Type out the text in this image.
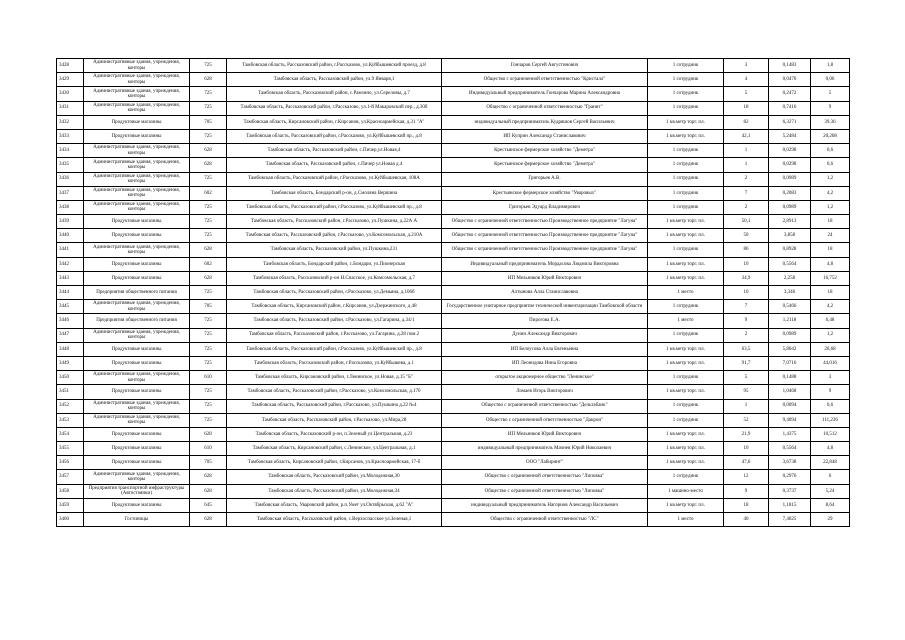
3428	Административные здания, учреждения, конторы	725	Тамбовская область, Рассказовский район, г.Рассказово, ул.Куйбышевский проезд, д.8	Гончаров Сергей Августинович	1 сотрудник	3	0,1483	1,8
3429	Административные здания, учреждения, конторы	628	Тамбовская область, Рассказовский район, ул.9 Января,1	Общество с ограниченной ответственностью "Кристалл"	1 сотрудник	4	0,0470	0,06
3430	Административные здания, учреждения, конторы	725	Тамбовская область, Рассказовский район, с.Рамзино, ул.Сереловы, д.7	Индивидуальный предприниматель Гончарова Марина Александровна	1 сотрудник	5	0,2472	5
3431	Административные здания, учреждения, конторы	725	Тамбовская область, Рассказовский район, г.Рассказово, ул.1-й Макаровский пер., д.30б	Общество с ограниченной ответственностью "Гранит"	1 сотрудник	18	0,7416	9
3432	Продуктовые магазины	705	Тамбовская область, Кирсановский район, г.Кирсанов, ул.Красноармейская, д.31 "А"	индивидуальный предприниматель Кудряшов Сергей Васильевич	1 кв.метр торг. пл.	82	6,3271	39,36
3433	Продуктовые магазины	725	Тамбовская область, Рассказовский район, г.Рассказово, ул.Куйбышевский пр., д.8	ИП Куприн Александр Станиславович	1 кв.метр торг. пл.	42,1	5,2484	20,208
3434	Административные здания, учреждения, конторы	628	Тамбовская область, Рассказовский район, с.Пичер,ул.Новая,4	Крестьянское фермерское хозяйство "Деметра"	1 сотрудник	1	0,0298	0,6
3435	Административные здания, учреждения, конторы	628	Тамбовская область, Рассказовский район, с.Пичер ул.Новая д.4	Крестьянское фермерское хозяйство "Деметра"	1 сотрудник	1	0,0298	0,6
3436	Административные здания, учреждения, конторы	725	Тамбовская область, Рассказовский район, г.Рассказово, ул.Куйбышевская, 108А	Григорьев А.В.	1 сотрудник	2	0,0989	1,2
3437	Административные здания, учреждения, конторы	602	Тамбовская область, Бондарский р-он, д.Смоляна Вершина	Крестьянское фермерское хозяйство "Уваровых"	1 сотрудник	7	0,2083	4,2
3438	Административные здания, учреждения, конторы	725	Тамбовская область, Рассказовский район, г.Рассказово, ул.Куйбышевский пр., д.8	Григорьев Эдуард Владимирович	1 сотрудник	2	0,0989	1,2
3439	Продуктовые магазины	725	Тамбовская область, Рассказовский район, г.Рассказово, ул.Пушкина, д.22А А	Общество с ограниченной ответственностью Производственное предприятие "Лагуна"	1 кв.метр торг. пл.	50,1	2,8913	18
3440	Продуктовые магазины	725	Тамбовская область, Рассказовский район, г.Рассказово, ул.Комсомольская, д.210А	Общество с ограниченной ответственностью Производственное предприятие "Лагуна"	1 кв.метр торг. пл.	50	3,858	24
3441	Административные здания, учреждения, конторы	628	Тамбовская область, Рассказовский район, ул.Пушкина,231	Общество с ограниченной ответственностью Производственное предприятие "Лагуна"	1 сотрудник	86	0,8928	18
3442	Продуктовые магазины	602	Тамбовская область, Бондарский район, с.Бондари, ул.Пионерская	Индивидуальный предприниматель Мордасова Людмила Викторовна	1 кв.метр торг. пл.	10	0,5564	4,8
3443	Продуктовые магазины	628	Тамбовская область, Рассказовский р-он Н.Спасское, ул.Комсомольская, д.7	ИП Мельников Юрий Викторович	1 кв.метр торг. пл.	34,9	2,258	16,752
3444	Предприятия общественного питания	725	Тамбовская область, Рассказовский район, г.Рассказово, ул.Демьяна, д.106б	Алтынова Алла Станиславовна	1 место	10	3,346	18
3445	Административные здания, учреждения, конторы	705	Тамбовская область, Кирсановский район, г.Кирсанов, ул.Дзержинского, д.48	Государственное унитарное предприятие технической инвентаризации Тамбовской области	1 сотрудник	7	0,5466	4,2
3446	Предприятия общественного питания	725	Тамбовская область, Рассказовский район, г.Рассказово, ул.Гагарина, д.34/1	Пирогова Е.А.	1 место	9	1,2118	6,48
3447	Административные здания, учреждения, конторы	725	Тамбовская область, Рассказовский район, г.Рассказово, ул.Гагарина, д.28 пом.2	Дунин Александр Викторович	1 сотрудник	2	0,0989	1,2
3448	Продуктовые магазины	725	Тамбовская область, Рассказовский район, г.Рассказово, ул.Куйбышевский пр., д.8	ИП Белоусова Алла Евгеньевна	1 кв.метр торг. пл.	63,5	5,8642	26,68
3449	Продуктовые магазины	725	Тамбовская область, Рассказовский район, г.Рассказово, ул.Куйбышева, д.1	ИП Леонидова Инна Егоровна	1 кв.метр торг. пл.	91,7	7,0716	44,016
3450	Административные здания, учреждения, конторы	610	Тамбовская область, Кирсановский район, г.Ленинское, ул.Новая, д.15 "Б"	открытое акционерное общество "Ленинское"	1 сотрудник	5	0,1488	3
3451	Продуктовые магазины	725	Тамбовская область, Рассказовский район, г.Рассказово, ул.Комсомольская, д.170	Ломаев Игорь Викторович	1 кв.метр торг. пл.	95	1,0468	9
3452	Административные здания, учреждения, конторы	725	Тамбовская область, Рассказовский район, г.Рассказово, ул.Пушкина д.22 №4	Общество с ограниченной ответственностью "Дельтабанк"	1 сотрудник	1	0,0094	0,6
3453	Административные здания, учреждения, конторы	725	Тамбовская область, Рассказовский район, г.Рассказово, ул.Мира,28	Общество с ограниченной ответственностью "Дакрон"	1 сотрудник	52	9,4094	111,236
3454	Продуктовые магазины	628	Тамбовская область, Рассказовский р-он, п.Зеленый ул.Центральная, д.23	ИП Мельников Юрий Викторович	1 кв.метр торг. пл.	21,9	1,4375	10,512
3455	Продуктовые магазины	610	Тамбовская область, Кирсановский район, с.Ленинское, ул.Центральная, д.1	индивидуальный предприниматель Мачнев Юрий Николаевич	1 кв.метр торг. пл.	10	0,5564	4,8
3456	Продуктовые магазины	705	Тамбовская область, Кирсановский район, г.Кирсанов, ул.Красноармейская, 17-б	ООО "Лабиринт"	1 кв.метр торг. пл.	47,6	3,6738	22,848
3457	Административные здания, учреждения, конторы	628	Тамбовская область, Рассказовский район, ул.Молодежная,30	Общество с ограниченной ответственностью "Липовка"	1 сотрудник	12	0,2976	6
3458	Предприятия транспортной инфраструктуры (Автостоянки)	628	Тамбовская область, Рассказовский район, ул.Молодежная,34	Общество с ограниченной ответственностью "Липовка"	1 машино-место	9	0,3737	5,24
3459	Продуктовые магазины	645	Тамбовская область, Уваровский район, р.п.Умет ул.Октябрьская, д.62 "А"	индивидуальный предприниматель Нагорнов Александр Васильевич	1 кв.метр торг. пл.	18	1,1815	8,64
3460	Гостиницы	628	Тамбовская область, Рассказовский район, с.Верхоспасское ул.Зеленая,1	Общество с ограниченной ответственностью "ЛС"	1 место	40	7,4025	29
